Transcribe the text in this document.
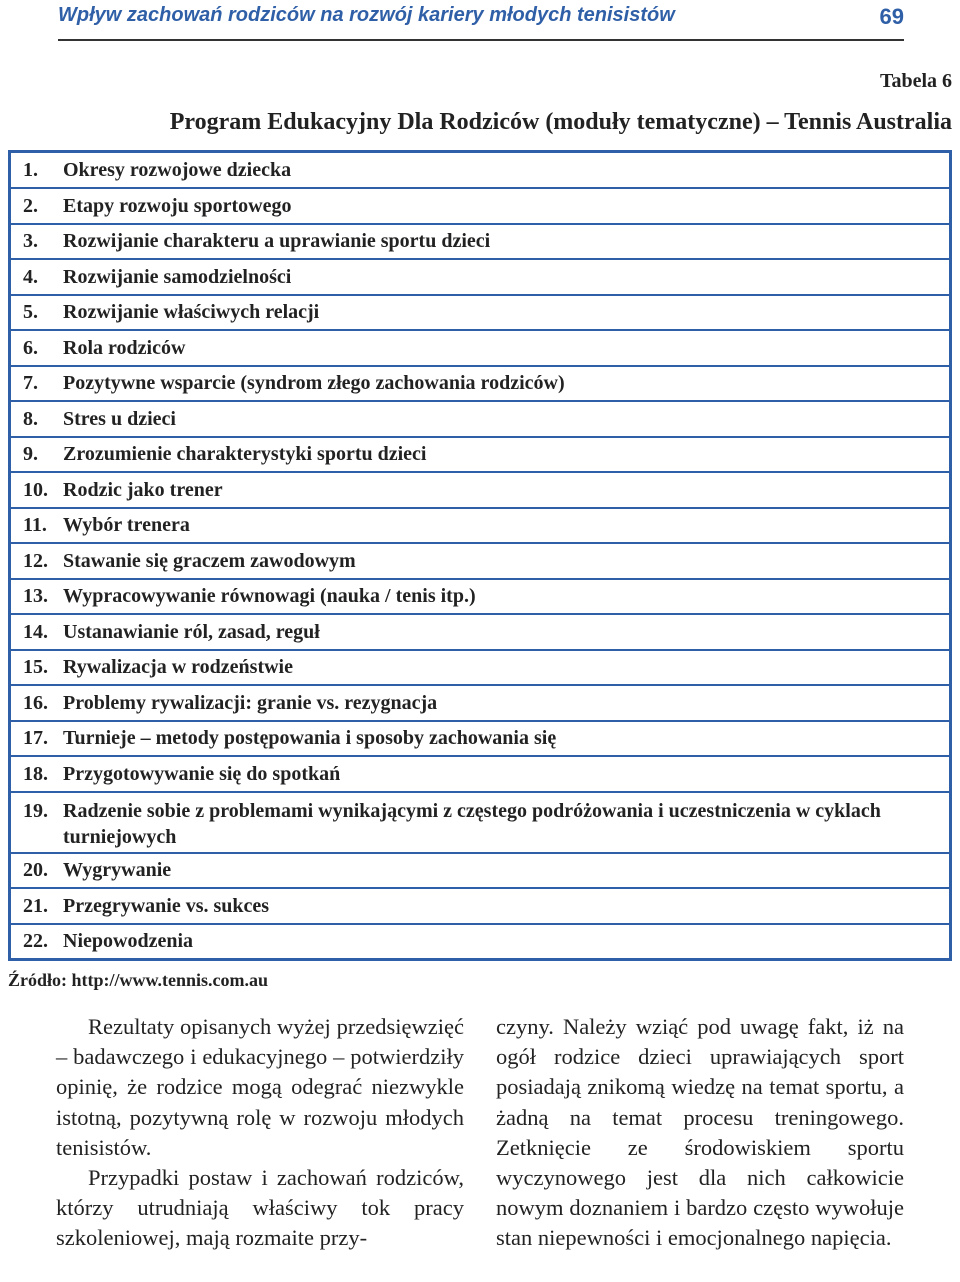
Wpływ zachowań rodziców na rozwój kariery młodych tenisistów	69
Tabela 6
Program Edukacyjny Dla Rodziców (moduły tematyczne) – Tennis Australia
1.	Okresy rozwojowe dziecka
2.	Etapy rozwoju sportowego
3.	Rozwijanie charakteru a uprawianie sportu dzieci
4.	Rozwijanie samodzielności
5.	Rozwijanie właściwych relacji
6.	Rola rodziców
7.	Pozytywne wsparcie (syndrom złego zachowania rodziców)
8.	Stres u dzieci
9.	Zrozumienie charakterystyki sportu dzieci
10. Rodzic jako trener
11. Wybór trenera
12. Stawanie się graczem zawodowym
13. Wypracowywanie równowagi (nauka / tenis itp.)
14. Ustanawianie ról, zasad, reguł
15. Rywalizacja w rodzeństwie
16. Problemy rywalizacji: granie vs. rezygnacja
17. Turnieje – metody postępowania i sposoby zachowania się
18. Przygotowywanie się do spotkań
19. Radzenie sobie z problemami wynikającymi z częstego podróżowania i uczestniczenia w cyklach turniejowych
20. Wygrywanie
21. Przegrywanie vs. sukces
22. Niepowodzenia
Źródło: http://www.tennis.com.au

Rezultaty opisanych wyżej przedsięwzięć – badawczego i edukacyjnego – potwierdziły opinię, że rodzice mogą odegrać niezwykle istotną, pozytywną rolę w rozwoju młodych tenisistów.

Przypadki postaw i zachowań rodziców, którzy utrudniają właściwy tok pracy szkoleniowej, mają rozmaite przy-

czyny. Należy wziąć pod uwagę fakt, iż na ogół rodzice dzieci uprawiających sport posiadają znikomą wiedzę na temat sportu, a żadną na temat procesu treningowego. Zetknięcie ze środowiskiem sportu wyczynowego jest dla nich całkowicie nowym doznaniem i bardzo często wywołuje stan niepewności i emocjonalnego napięcia.
